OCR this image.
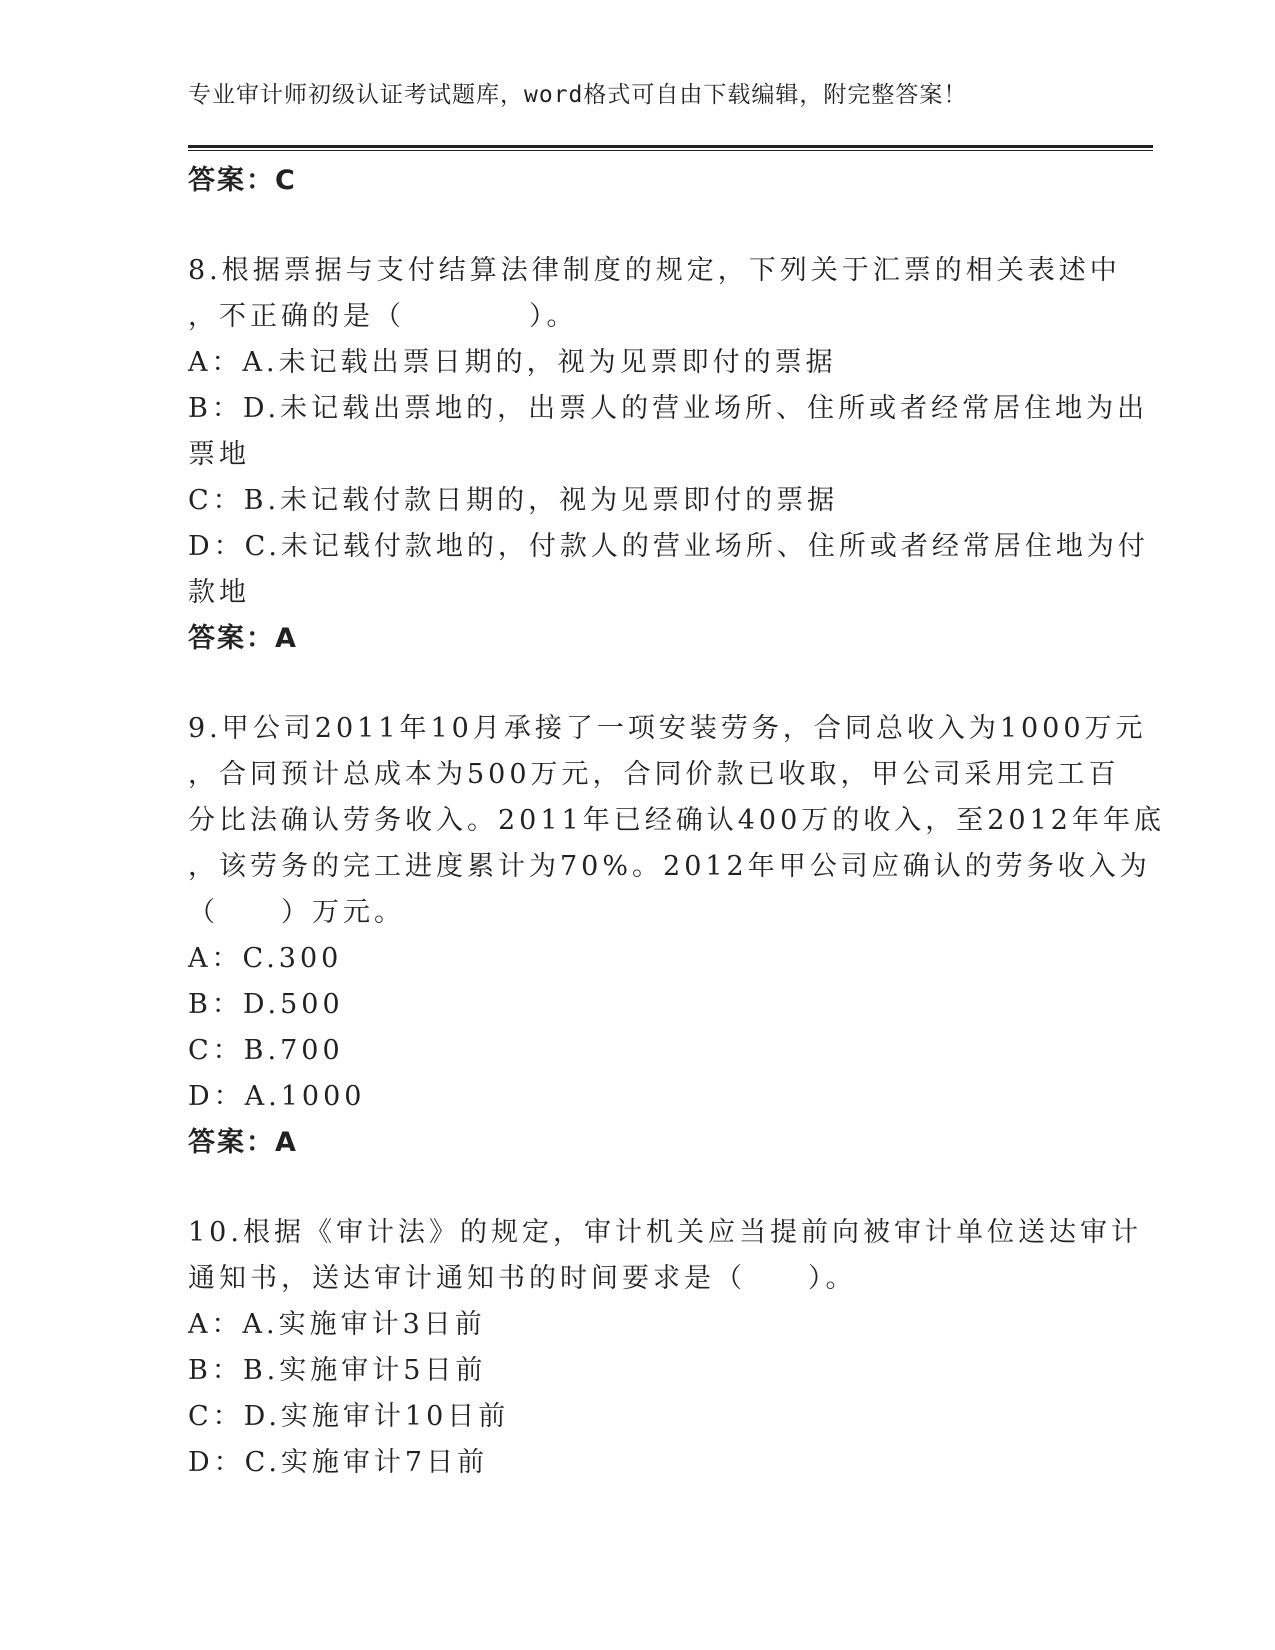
专业审计师初级认证考试题库，word格式可自由下载编辑，附完整答案！
答案：C
8.根据票据与支付结算法律制度的规定，下列关于汇票的相关表述中
，不正确的是（　　　　）。
A：A.未记载出票日期的，视为见票即付的票据
B：D.未记载出票地的，出票人的营业场所、住所或者经常居住地为出
票地
C：B.未记载付款日期的，视为见票即付的票据
D：C.未记载付款地的，付款人的营业场所、住所或者经常居住地为付
款地
答案：A
9.甲公司2011年10月承接了一项安装劳务，合同总收入为1000万元
，合同预计总成本为500万元，合同价款已收取，甲公司采用完工百
分比法确认劳务收入。2011年已经确认400万的收入，至2012年年底
，该劳务的完工进度累计为70%。2012年甲公司应确认的劳务收入为
（　　）万元。
A：C.300
B：D.500
C：B.700
D：A.1000
答案：A
10.根据《审计法》的规定，审计机关应当提前向被审计单位送达审计
通知书，送达审计通知书的时间要求是（　　）。
A：A.实施审计3日前
B：B.实施审计5日前
C：D.实施审计10日前
D：C.实施审计7日前
